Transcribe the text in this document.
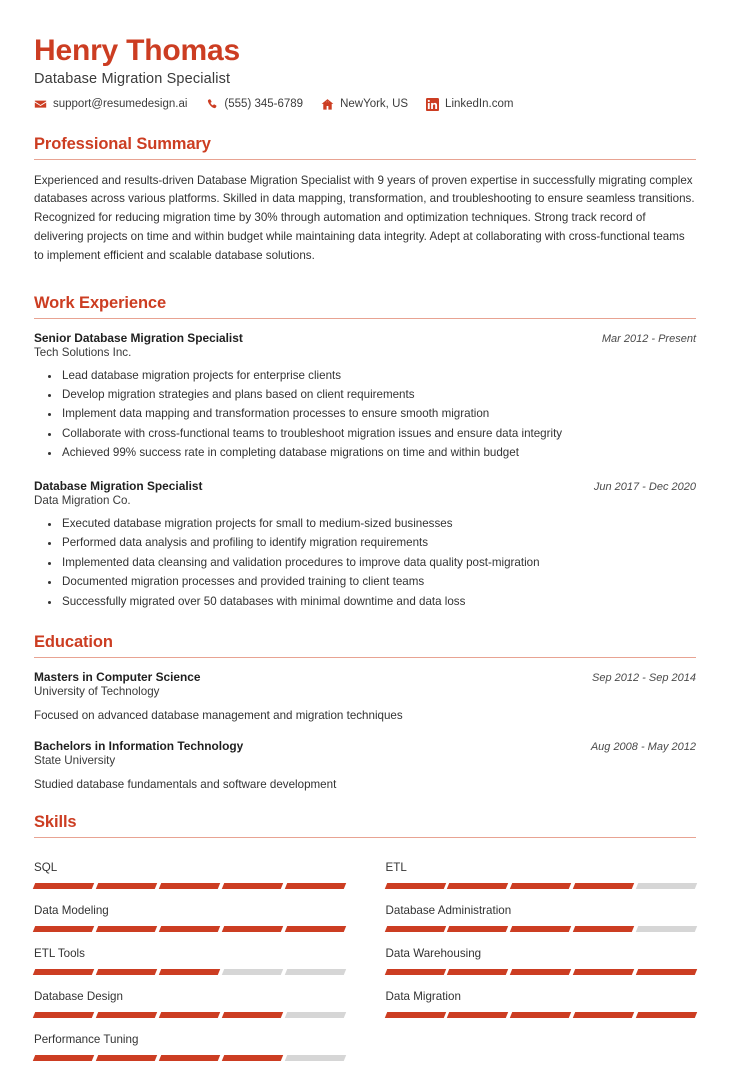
Henry Thomas
Database Migration Specialist
support@resumedesign.ai	(555) 345-6789	NewYork, US	LinkedIn.com
Professional Summary
Experienced and results-driven Database Migration Specialist with 9 years of proven expertise in successfully migrating complex databases across various platforms. Skilled in data mapping, transformation, and troubleshooting to ensure seamless transitions. Recognized for reducing migration time by 30% through automation and optimization techniques. Strong track record of delivering projects on time and within budget while maintaining data integrity. Adept at collaborating with cross-functional teams to implement efficient and scalable database solutions.
Work Experience
Senior Database Migration Specialist	Mar 2012 - Present
Tech Solutions Inc.
• Lead database migration projects for enterprise clients
• Develop migration strategies and plans based on client requirements
• Implement data mapping and transformation processes to ensure smooth migration
• Collaborate with cross-functional teams to troubleshoot migration issues and ensure data integrity
• Achieved 99% success rate in completing database migrations on time and within budget
Database Migration Specialist	Jun 2017 - Dec 2020
Data Migration Co.
• Executed database migration projects for small to medium-sized businesses
• Performed data analysis and profiling to identify migration requirements
• Implemented data cleansing and validation procedures to improve data quality post-migration
• Documented migration processes and provided training to client teams
• Successfully migrated over 50 databases with minimal downtime and data loss
Education
Masters in Computer Science	Sep 2012 - Sep 2014
University of Technology
Focused on advanced database management and migration techniques
Bachelors in Information Technology	Aug 2008 - May 2012
State University
Studied database fundamentals and software development
Skills
SQL	ETL
Data Modeling	Database Administration
ETL Tools	Data Warehousing
Database Design	Data Migration
Performance Tuning
